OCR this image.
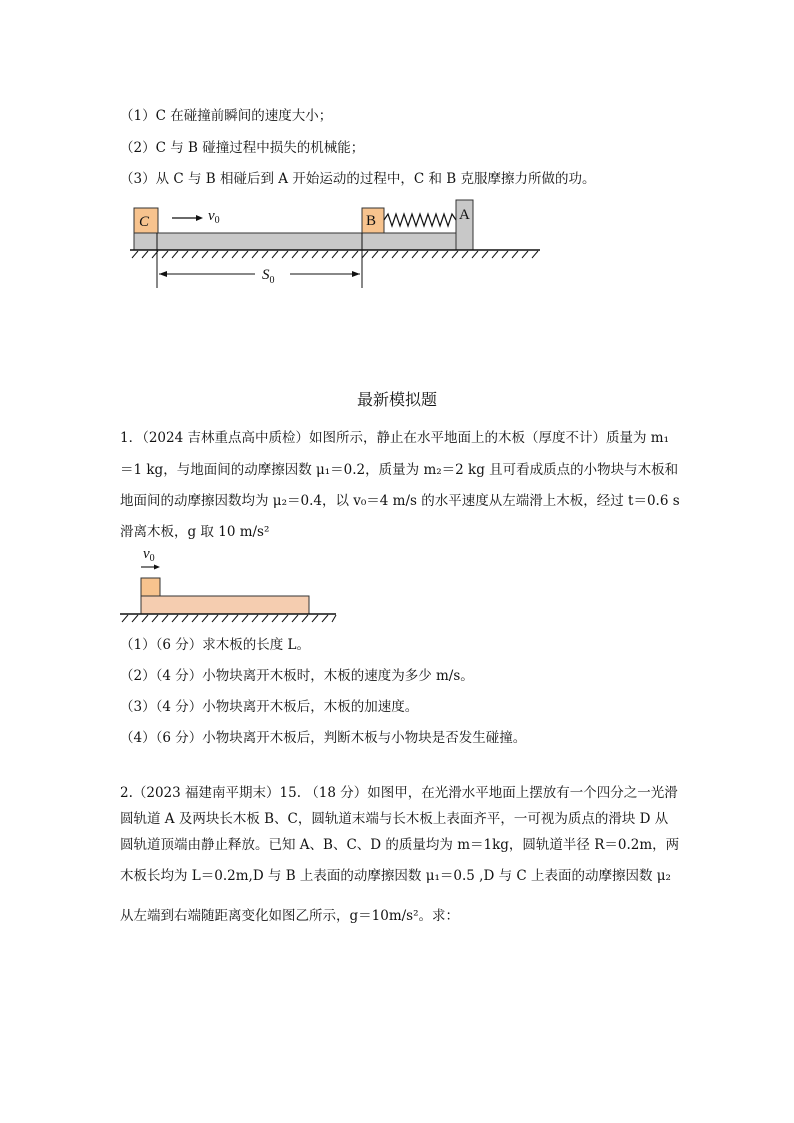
（1）C 在碰撞前瞬间的速度大小；
（2）C 与 B 碰撞过程中损失的机械能；
（3）从 C 与 B 相碰后到 A 开始运动的过程中，C 和 B 克服摩擦力所做的功。
A
C	B
$v_0$
$S_0$
最新模拟题
1．（2024 吉林重点高中质检）如图所示，静止在水平地面上的木板（厚度不计）质量为 m₁
＝1 kg，与地面间的动摩擦因数 μ₁＝0.2，质量为 m₂＝2 kg 且可看成质点的小物块与木板和
地面间的动摩擦因数均为 μ₂＝0.4，以 v₀＝4 m/s 的水平速度从左端滑上木板，经过 t＝0.6 s
滑离木板，g 取 10 m/s²
$v_0$
（1）（6 分）求木板的长度 L。
（2）（4 分）小物块离开木板时，木板的速度为多少 m/s。
（3）（4 分）小物块离开木板后，木板的加速度。
（4）（6 分）小物块离开木板后，判断木板与小物块是否发生碰撞。
2.（2023 福建南平期末）15. （18 分）如图甲，在光滑水平地面上摆放有一个四分之一光滑
圆轨道 A 及两块长木板 B、C，圆轨道末端与长木板上表面齐平，一可视为质点的滑块 D 从
圆轨道顶端由静止释放。已知 A、B、C、D 的质量均为 m＝1kg，圆轨道半径 R＝0.2m，两
木板长均为 L＝0.2m,D 与 B 上表面的动摩擦因数 μ₁＝0.5 ,D 与 C 上表面的动摩擦因数 μ₂
从左端到右端随距离变化如图乙所示，g＝10m/s²。求：
